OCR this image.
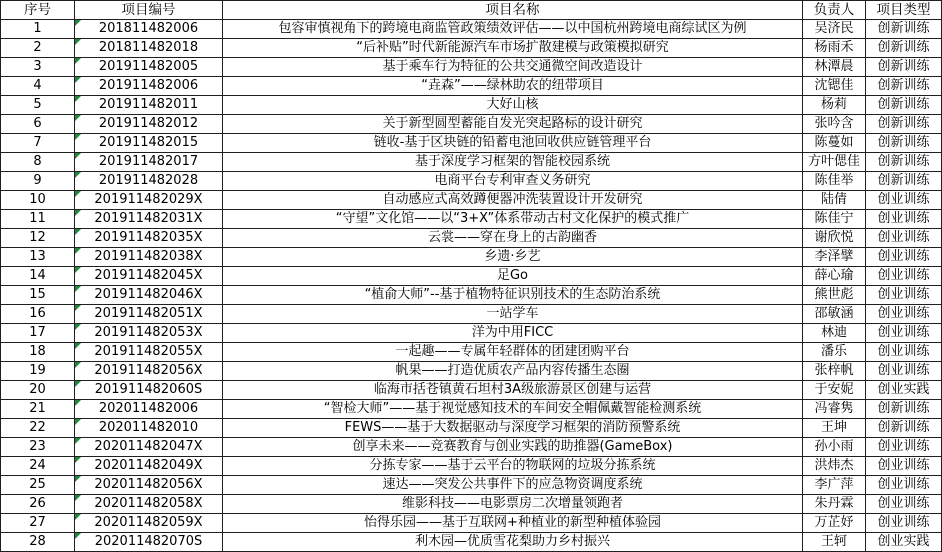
序号	项目编号	项目名称	负责人	项目类型
1	201811482006	包容审慎视角下的跨境电商监管政策绩效评估——以中国杭州跨境电商综试区为例	吴济民	创新训练
2	201811482018	“后补贴”时代新能源汽车市场扩散建模与政策模拟研究	杨雨禾	创新训练
3	201911482005	基于乘车行为特征的公共交通微空间改造设计	林潭晨	创新训练
4	201911482006	“垚森”——绿林助农的纽带项目	沈锶佳	创新训练
5	201911482011	大好山核	杨莉	创新训练
6	201911482012	关于新型圆型蓄能自发光突起路标的设计研究	张吟含	创新训练
7	201911482015	链收-基于区块链的铅蓄电池回收供应链管理平台	陈蔓如	创新训练
8	201911482017	基于深度学习框架的智能校园系统	方叶偲佳	创新训练
9	201911482028	电商平台专利审查义务研究	陈佳举	创新训练
10	201911482029X	自动感应式高效蹲便器冲洗装置设计开发研究	陆倩	创业训练
11	201911482031X	“守望”文化馆——以“3+X”体系带动古村文化保护的模式推广	陈佳宁	创业训练
12	201911482035X	云裳——穿在身上的古韵幽香	谢欣悦	创业训练
13	201911482038X	乡遗·乡艺	李泽擘	创业训练
14	201911482045X	足Go	薛心瑜	创业训练
15	201911482046X	“植俞大师”--基于植物特征识别技术的生态防治系统	熊世彪	创业训练
16	201911482051X	一站学车	邵敏涵	创业训练
17	201911482053X	洋为中用FICC	林迪	创业训练
18	201911482055X	一起趣——专属年轻群体的团建团购平台	潘乐	创业训练
19	201911482056X	帆果——打造优质农产品内容传播生态圈	张梓帆	创业训练
20	201911482060S	临海市括苍镇黄石坦村3A级旅游景区创建与运营	于安妮	创业实践
21	202011482006	“智检大师”——基于视觉感知技术的车间安全帽佩戴智能检测系统	冯睿隽	创新训练
22	202011482010	FEWS——基于大数据驱动与深度学习框架的消防预警系统	王坤	创新训练
23	202011482047X	创享未来——竞赛教育与创业实践的助推器(GameBox)	孙小雨	创业训练
24	202011482049X	分拣专家——基于云平台的物联网的垃圾分拣系统	洪炜杰	创业训练
25	202011482056X	速达——突发公共事件下的应急物资调度系统	李广萍	创业训练
26	202011482058X	维影科技——电影票房二次增量领跑者	朱丹霖	创业训练
27	202011482059X	怡得乐园——基于互联网+种植业的新型种植体验园	万芷妤	创业训练
28	202011482070S	利木园—优质雪花梨助力乡村振兴	王轲	创业实践
